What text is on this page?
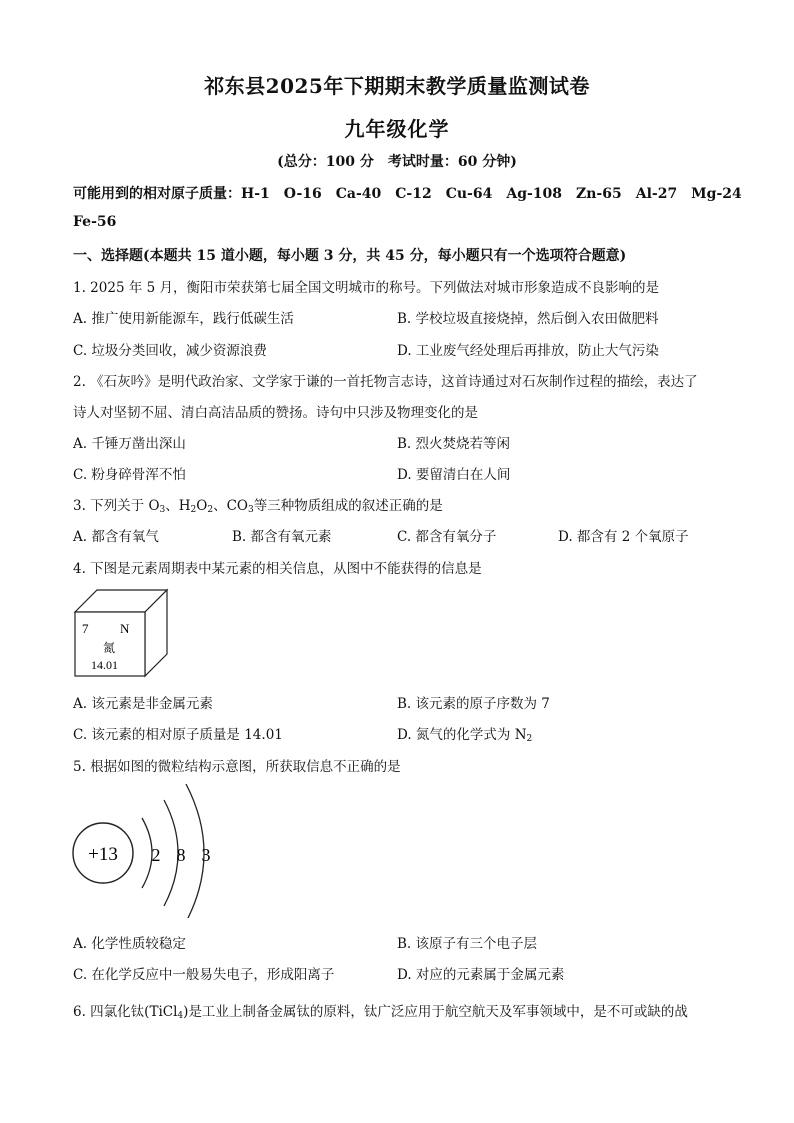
祁东县2025年下期期末教学质量监测试卷
九年级化学
(总分：100 分　考试时量：60 分钟)
可能用到的相对原子质量：H-1　O-16　Ca-40　C-12　Cu-64　Ag-108　Zn-65　Al-27　Mg-24
Fe-56
一、选择题(本题共 15 道小题，每小题 3 分，共 45 分，每小题只有一个选项符合题意)
1. 2025 年 5 月，衡阳市荣获第七届全国文明城市的称号。下列做法对城市形象造成不良影响的是
A. 推广使用新能源车，践行低碳生活	B. 学校垃圾直接烧掉，然后倒入农田做肥料
C. 垃圾分类回收，减少资源浪费	D. 工业废气经处理后再排放，防止大气污染
2. 《石灰吟》是明代政治家、文学家于谦的一首托物言志诗，这首诗通过对石灰制作过程的描绘，表达了
诗人对坚韧不屈、清白高洁品质的赞扬。诗句中只涉及物理变化的是
A. 千锤万凿出深山	B. 烈火焚烧若等闲
C. 粉身碎骨浑不怕	D. 要留清白在人间
3. 下列关于 $O_3$、$H_2O_2$、$CO_3$等三种物质组成的叙述正确的是
A. 都含有氧气	B. 都含有氧元素	C. 都含有氧分子	D. 都含有 2 个氧原子
4. 下图是元素周期表中某元素的相关信息，从图中不能获得的信息是
7 N
氮
14.01
A. 该元素是非金属元素	B. 该元素的原子序数为 7
C. 该元素的相对原子质量是 14.01	D. 氮气的化学式为 $N_2$
5. 根据如图的微粒结构示意图，所获取信息不正确的是
+13 2 8 3
A. 化学性质较稳定	B. 该原子有三个电子层
C. 在化学反应中一般易失电子，形成阳离子	D. 对应的元素属于金属元素
6. 四氯化钛(TiCl$_4$)是工业上制备金属钛的原料，钛广泛应用于航空航天及军事领域中，是不可或缺的战
